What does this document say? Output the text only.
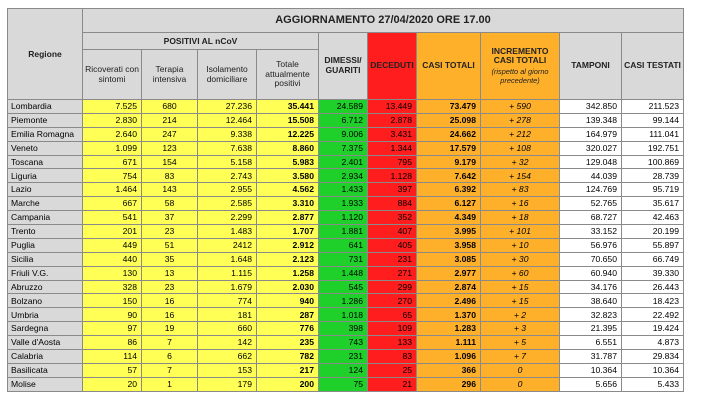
Regione	AGGIORNAMENTO 27/04/2020 ORE 17.00									
	POSITIVI AL nCoV				DIMESSI/ GUARITI	DECEDUTI	CASI TOTALI	INCREMENTO CASI TOTALI
(rispetto al giorno precedente)	TAMPONI	CASI TESTATI
	Ricoverati con sintomi	Terapia intensiva	Isolamento domiciliare	Totale attualmente positivi						
Lombardia	7.525	680	27.236	35.441	24.589	13.449	73.479	+ 590	342.850	211.523
Piemonte	2.830	214	12.464	15.508	6.712	2.878	25.098	+ 278	139.348	99.144
Emilia Romagna	2.640	247	9.338	12.225	9.006	3.431	24.662	+ 212	164.979	111.041
Veneto	1.099	123	7.638	8.860	7.375	1.344	17.579	+ 108	320.027	192.751
Toscana	671	154	5.158	5.983	2.401	795	9.179	+ 32	129.048	100.869
Liguria	754	83	2.743	3.580	2.934	1.128	7.642	+ 154	44.039	28.739
Lazio	1.464	143	2.955	4.562	1.433	397	6.392	+ 83	124.769	95.719
Marche	667	58	2.585	3.310	1.933	884	6.127	+ 16	52.765	35.617
Campania	541	37	2.299	2.877	1.120	352	4.349	+ 18	68.727	42.463
Trento	201	23	1.483	1.707	1.881	407	3.995	+ 101	33.152	20.199
Puglia	449	51	2412	2.912	641	405	3.958	+ 10	56.976	55.897
Sicilia	440	35	1.648	2.123	731	231	3.085	+ 30	70.650	66.749
Friuli V.G.	130	13	1.115	1.258	1.448	271	2.977	+ 60	60.940	39.330
Abruzzo	328	23	1.679	2.030	545	299	2.874	+ 15	34.176	26.443
Bolzano	150	16	774	940	1.286	270	2.496	+ 15	38.640	18.423
Umbria	90	16	181	287	1.018	65	1.370	+ 2	32.823	22.492
Sardegna	97	19	660	776	398	109	1.283	+ 3	21.395	19.424
Valle d'Aosta	86	7	142	235	743	133	1.111	+ 5	6.551	4.873
Calabria	114	6	662	782	231	83	1.096	+ 7	31.787	29.834
Basilicata	57	7	153	217	124	25	366	0	10.364	10.364
Molise	20	1	179	200	75	21	296	0	5.656	5.433
